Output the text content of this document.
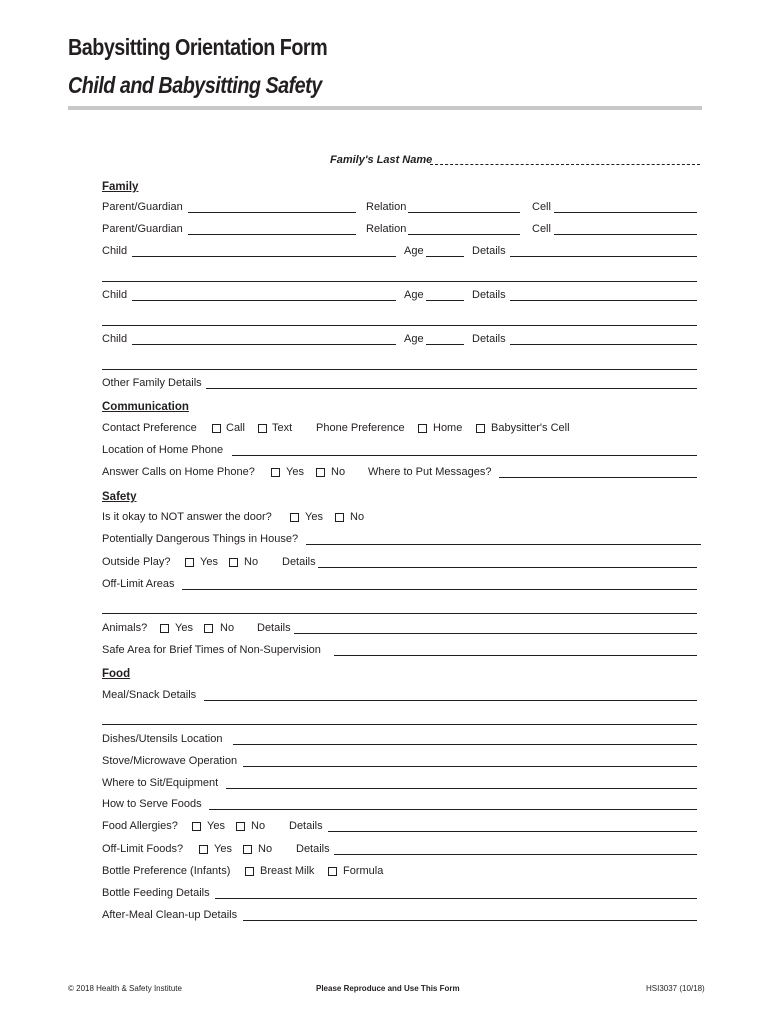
Babysitting Orientation Form
Child and Babysitting Safety
Family's Last Name
Family
Parent/Guardian	Relation	Cell
Parent/Guardian	Relation	Cell
Child	Age	Details
Child	Age	Details
Child	Age	Details
Other Family Details
Communication
Contact Preference	Call Text Phone Preference	Home	Babysitter's Cell
Location of Home Phone
Answer Calls on Home Phone?	Yes No Where to Put Messages?
Safety
Is it okay to NOT answer the door?	Yes No
Potentially Dangerous Things in House?
Outside Play?	Yes No Details
Off-Limit Areas
Animals?	Yes No Details
Safe Area for Brief Times of Non-Supervision
Food
Meal/Snack Details
Dishes/Utensils Location
Stove/Microwave Operation
Where to Sit/Equipment
How to Serve Foods
Food Allergies?	Yes No Details
Off-Limit Foods?	Yes No Details
Bottle Preference (Infants)	Breast Milk	Formula
Bottle Feeding Details
After-Meal Clean-up Details
© 2018 Health & Safety Institute	Please Reproduce and Use This Form	HSI3037 (10/18)
